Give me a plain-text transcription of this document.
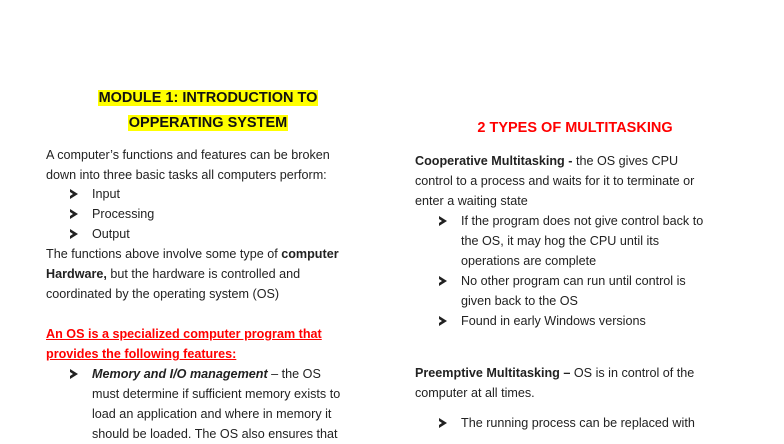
MODULE 1: INTRODUCTION TO
OPPERATING SYSTEM

A computer’s functions and features can be broken

down into three basic tasks all computers perform:

Input
Processing
Output

The functions above involve some type of computer

Hardware, but the hardware is controlled and

coordinated by the operating system (OS)

An OS is a specialized computer program that

provides the following features:

Memory and I/O management – the OS

must determine if sufficient memory exists to

load an application and where in memory it

should be loaded. The OS also ensures that

2 TYPES OF MULTITASKING

Cooperative Multitasking - the OS gives CPU

control to a process and waits for it to terminate or

enter a waiting state

If the program does not give control back to

the OS, it may hog the CPU until its

operations are complete

No other program can run until control is

given back to the OS

Found in early Windows versions

Preemptive Multitasking – OS is in control of the

computer at all times.

The running process can be replaced with
